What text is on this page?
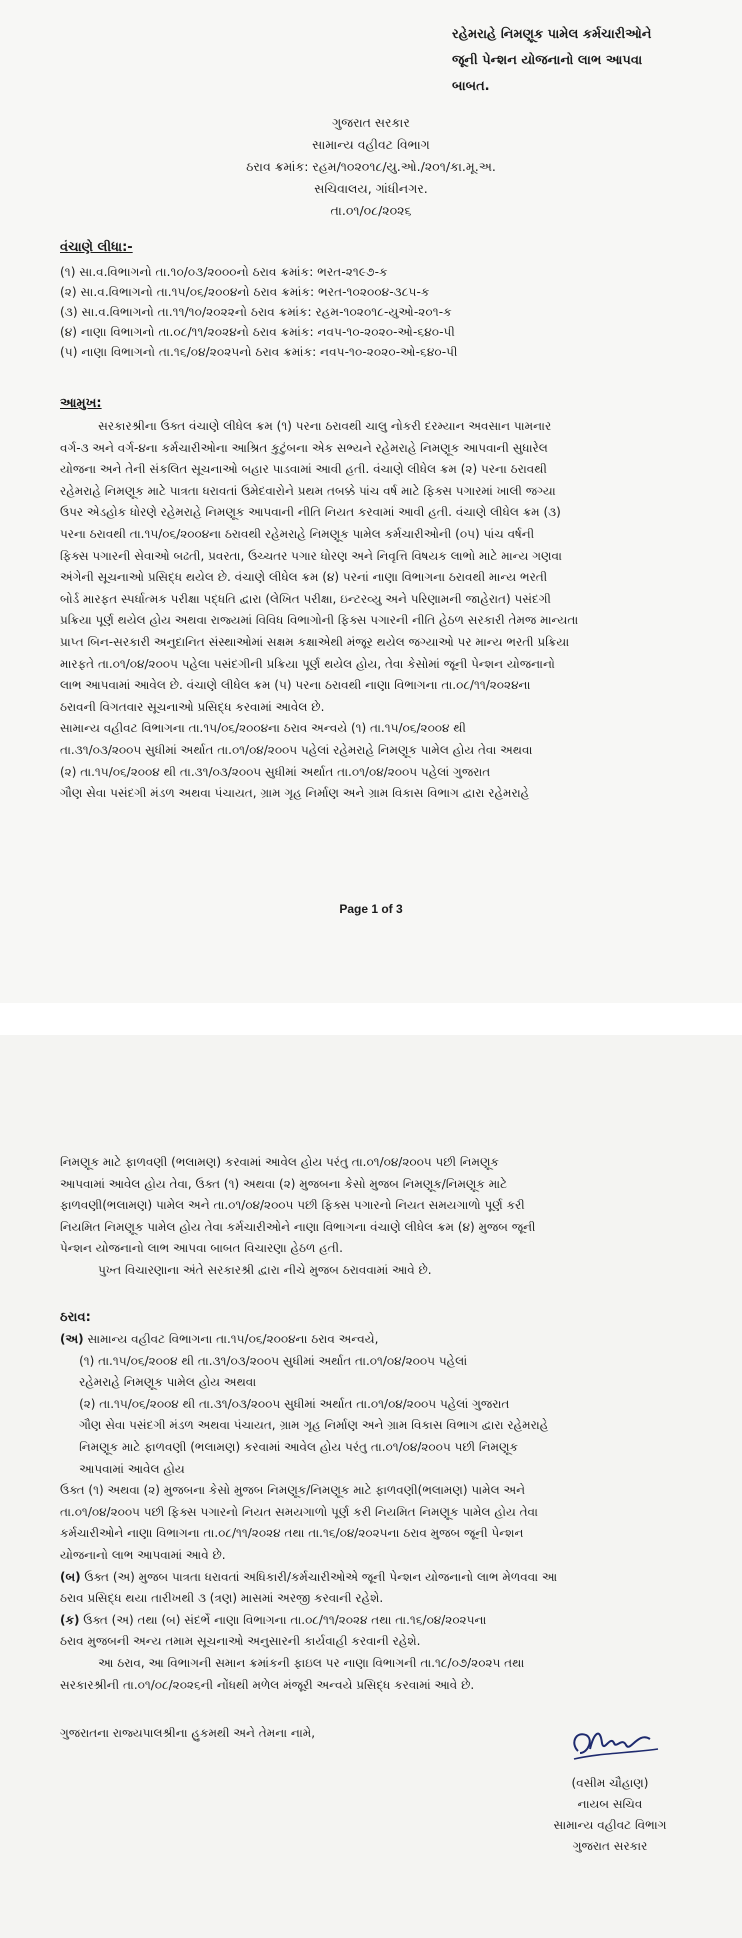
રહેમરાહે નિમણૂક પામેલ કર્મચારીઓને
જૂની પેન્શન યોજનાનો લાભ આપવા
બાબત.
ગુજરાત સરકાર
સામાન્ય વહીવટ વિભાગ
ઠરાવ ક્રમાંક: રહમ/૧૦૨૦૧૮/યુ.ઓ./૨૦૧/કા.મૂ.અ.
સચિવાલય, ગાંધીનગર.
તા.૦૧/૦૮/૨૦૨૬
વંચાણે લીધા:-
(૧) સા.વ.વિભાગનો તા.૧૦/૦૩/૨૦૦૦નો ઠરાવ ક્રમાંક: ભરત-૨૧૯૭-ક
(૨) સા.વ.વિભાગનો તા.૧૫/૦૬/૨૦૦૪નો ઠરાવ ક્રમાંક: ભરત-૧૦૨૦૦૪-૩૮૫-ક
(૩) સા.વ.વિભાગનો તા.૧૧/૧૦/૨૦૨૨નો ઠરાવ ક્રમાંક: રહમ-૧૦૨૦૧૮-યુઓ-૨૦૧-ક
(૪) નાણા વિભાગનો તા.૦૮/૧૧/૨૦૨૪નો ઠરાવ ક્રમાંક: નવપ-૧૦-૨૦૨૦-ઓ-૬૪૦-પી
(૫) નાણા વિભાગનો તા.૧૬/૦૪/૨૦૨૫નો ઠરાવ ક્રમાંક: નવપ-૧૦-૨૦૨૦-ઓ-૬૪૦-પી
આમુખ:
સરકારશ્રીના ઉક્ત વંચાણે લીધેલ ક્રમ (૧) પરના ઠરાવથી ચાલુ નોકરી દરમ્યાન અવસાન પામનાર
વર્ગ-૩ અને વર્ગ-૪ના કર્મચારીઓના આશ્રિત કુટુંબના એક સભ્યને રહેમરાહે નિમણૂક આપવાની સુધારેલ
યોજના અને તેની સંકલિત સૂચનાઓ બહાર પાડવામાં આવી હતી. વંચાણે લીધેલ ક્રમ (૨) પરના ઠરાવથી
રહેમરાહે નિમણૂક માટે પાત્રતા ધરાવતાં ઉમેદવારોને પ્રથમ તબક્કે પાંચ વર્ષ માટે ફિક્સ પગારમાં ખાલી જગ્યા
ઉપર એડહોક ધોરણે રહેમરાહે નિમણૂક આપવાની નીતિ નિયત કરવામાં આવી હતી. વંચાણે લીધેલ ક્રમ (૩)
પરના ઠરાવથી તા.૧૫/૦૬/૨૦૦૪ના ઠરાવથી રહેમરાહે નિમણૂક પામેલ કર્મચારીઓની (૦૫) પાંચ વર્ષની
ફિક્સ પગારની સેવાઓ બઢતી, પ્રવરતા, ઉચ્ચતર પગાર ધોરણ અને નિવૃત્તિ વિષયક લાભો માટે માન્ય ગણવા
અંગેની સૂચનાઓ પ્રસિદ્ધ થયેલ છે. વંચાણે લીધેલ ક્રમ (૪) પરનાં નાણા વિભાગના ઠરાવથી માન્ય ભરતી
બોર્ડ મારફત સ્પર્ધાત્મક પરીક્ષા પદ્ધતિ દ્વારા (લેખિત પરીક્ષા, ઇન્ટરવ્યુ અને પરિણામની જાહેરાત) પસંદગી
પ્રક્રિયા પૂર્ણ થયેલ હોય અથવા રાજ્યમાં વિવિધ વિભાગોની ફિક્સ પગારની નીતિ હેઠળ સરકારી તેમજ માન્યતા
પ્રાપ્ત બિન-સરકારી અનુદાનિત સંસ્થાઓમાં સક્ષમ કક્ષાએથી મંજૂર થયેલ જગ્યાઓ પર માન્ય ભરતી પ્રક્રિયા
મારફતે તા.૦૧/૦૪/૨૦૦૫ પહેલા પસંદગીની પ્રક્રિયા પૂર્ણ થયેલ હોય, તેવા કેસોમાં જૂની પેન્શન યોજનાનો
લાભ આપવામાં આવેલ છે. વંચાણે લીધેલ ક્રમ (૫) પરના ઠરાવથી નાણા વિભાગના તા.૦૮/૧૧/૨૦૨૪ના
ઠરાવની વિગતવાર સૂચનાઓ પ્રસિદ્ધ કરવામાં આવેલ છે.
સામાન્ય વહીવટ વિભાગના તા.૧૫/૦૬/૨૦૦૪ના ઠરાવ અન્વયે (૧) તા.૧૫/૦૬/૨૦૦૪ થી
તા.૩૧/૦૩/૨૦૦૫ સુધીમાં અર્થાત તા.૦૧/૦૪/૨૦૦૫ પહેલાં રહેમરાહે નિમણૂક પામેલ હોય તેવા અથવા
(૨) તા.૧૫/૦૬/૨૦૦૪ થી તા.૩૧/૦૩/૨૦૦૫ સુધીમાં અર્થાત તા.૦૧/૦૪/૨૦૦૫ પહેલાં ગુજરાત
ગૌણ સેવા પસંદગી મંડળ અથવા પંચાયત, ગ્રામ ગૃહ નિર્માણ અને ગ્રામ વિકાસ વિભાગ દ્વારા રહેમરાહે
Page 1 of 3
નિમણૂક માટે ફાળવણી (ભલામણ) કરવામાં આવેલ હોય પરંતુ તા.૦૧/૦૪/૨૦૦૫ પછી નિમણૂક
આપવામાં આવેલ હોય તેવા, ઉક્ત (૧) અથવા (૨) મુજબના કેસો મુજબ નિમણૂક/નિમણૂક માટે
ફાળવણી(ભલામણ) પામેલ અને તા.૦૧/૦૪/૨૦૦૫ પછી ફિક્સ પગારનો નિયત સમયગાળો પૂર્ણ કરી
નિયમિત નિમણૂક પામેલ હોય તેવા કર્મચારીઓને નાણા વિભાગના વંચાણે લીધેલ ક્રમ (૪) મુજબ જૂની
પેન્શન યોજનાનો લાભ આપવા બાબત વિચારણા હેઠળ હતી.
પુખ્ત વિચારણાના અંતે સરકારશ્રી દ્વારા નીચે મુજબ ઠરાવવામાં આવે છે.
ઠરાવ:
(અ) સામાન્ય વહીવટ વિભાગના તા.૧૫/૦૬/૨૦૦૪ના ઠરાવ અન્વયે,
(૧) તા.૧૫/૦૬/૨૦૦૪ થી તા.૩૧/૦૩/૨૦૦૫ સુધીમાં અર્થાત તા.૦૧/૦૪/૨૦૦૫ પહેલાં
રહેમરાહે નિમણૂક પામેલ હોય અથવા
(૨) તા.૧૫/૦૬/૨૦૦૪ થી તા.૩૧/૦૩/૨૦૦૫ સુધીમાં અર્થાત તા.૦૧/૦૪/૨૦૦૫ પહેલાં ગુજરાત
ગૌણ સેવા પસંદગી મંડળ અથવા પંચાયત, ગ્રામ ગૃહ નિર્માણ અને ગ્રામ વિકાસ વિભાગ દ્વારા રહેમરાહે
નિમણૂક માટે ફાળવણી (ભલામણ) કરવામાં આવેલ હોય પરંતુ તા.૦૧/૦૪/૨૦૦૫ પછી નિમણૂક
આપવામાં આવેલ હોય
ઉક્ત (૧) અથવા (૨) મુજબના કેસો મુજબ નિમણૂક/નિમણૂક માટે ફાળવણી(ભલામણ) પામેલ અને
તા.૦૧/૦૪/૨૦૦૫ પછી ફિક્સ પગારનો નિયત સમયગાળો પૂર્ણ કરી નિયમિત નિમણૂક પામેલ હોય તેવા
કર્મચારીઓને નાણા વિભાગના તા.૦૮/૧૧/૨૦૨૪ તથા તા.૧૬/૦૪/૨૦૨૫ના ઠરાવ મુજબ જૂની પેન્શન
યોજનાનો લાભ આપવામાં આવે છે.
(બ) ઉક્ત (અ) મુજબ પાત્રતા ધરાવતાં અધિકારી/કર્મચારીઓએ જૂની પેન્શન યોજનાનો લાભ મેળવવા આ
ઠરાવ પ્રસિદ્ધ થયા તારીખથી ૩ (ત્રણ) માસમાં અરજી કરવાની રહેશે.
(ક) ઉક્ત (અ) તથા (બ) સંદર્ભે નાણા વિભાગના તા.૦૮/૧૧/૨૦૨૪ તથા તા.૧૬/૦૪/૨૦૨૫ના
ઠરાવ મુજબની અન્ય તમામ સૂચનાઓ અનુસારની કાર્યવાહી કરવાની રહેશે.
આ ઠરાવ, આ વિભાગની સમાન ક્રમાંકની ફાઇલ પર નાણા વિભાગની તા.૧૮/૦૭/૨૦૨૫ તથા
સરકારશ્રીની તા.૦૧/૦૮/૨૦૨૬ની નોંધથી મળેલ મંજૂરી અન્વયે પ્રસિદ્ધ કરવામાં આવે છે.
ગુજરાતના રાજ્યપાલશ્રીના હુકમથી અને તેમના નામે,
(વસીમ ચૌહાણ)
નાયબ સચિવ
સામાન્ય વહીવટ વિભાગ
ગુજરાત સરકાર
